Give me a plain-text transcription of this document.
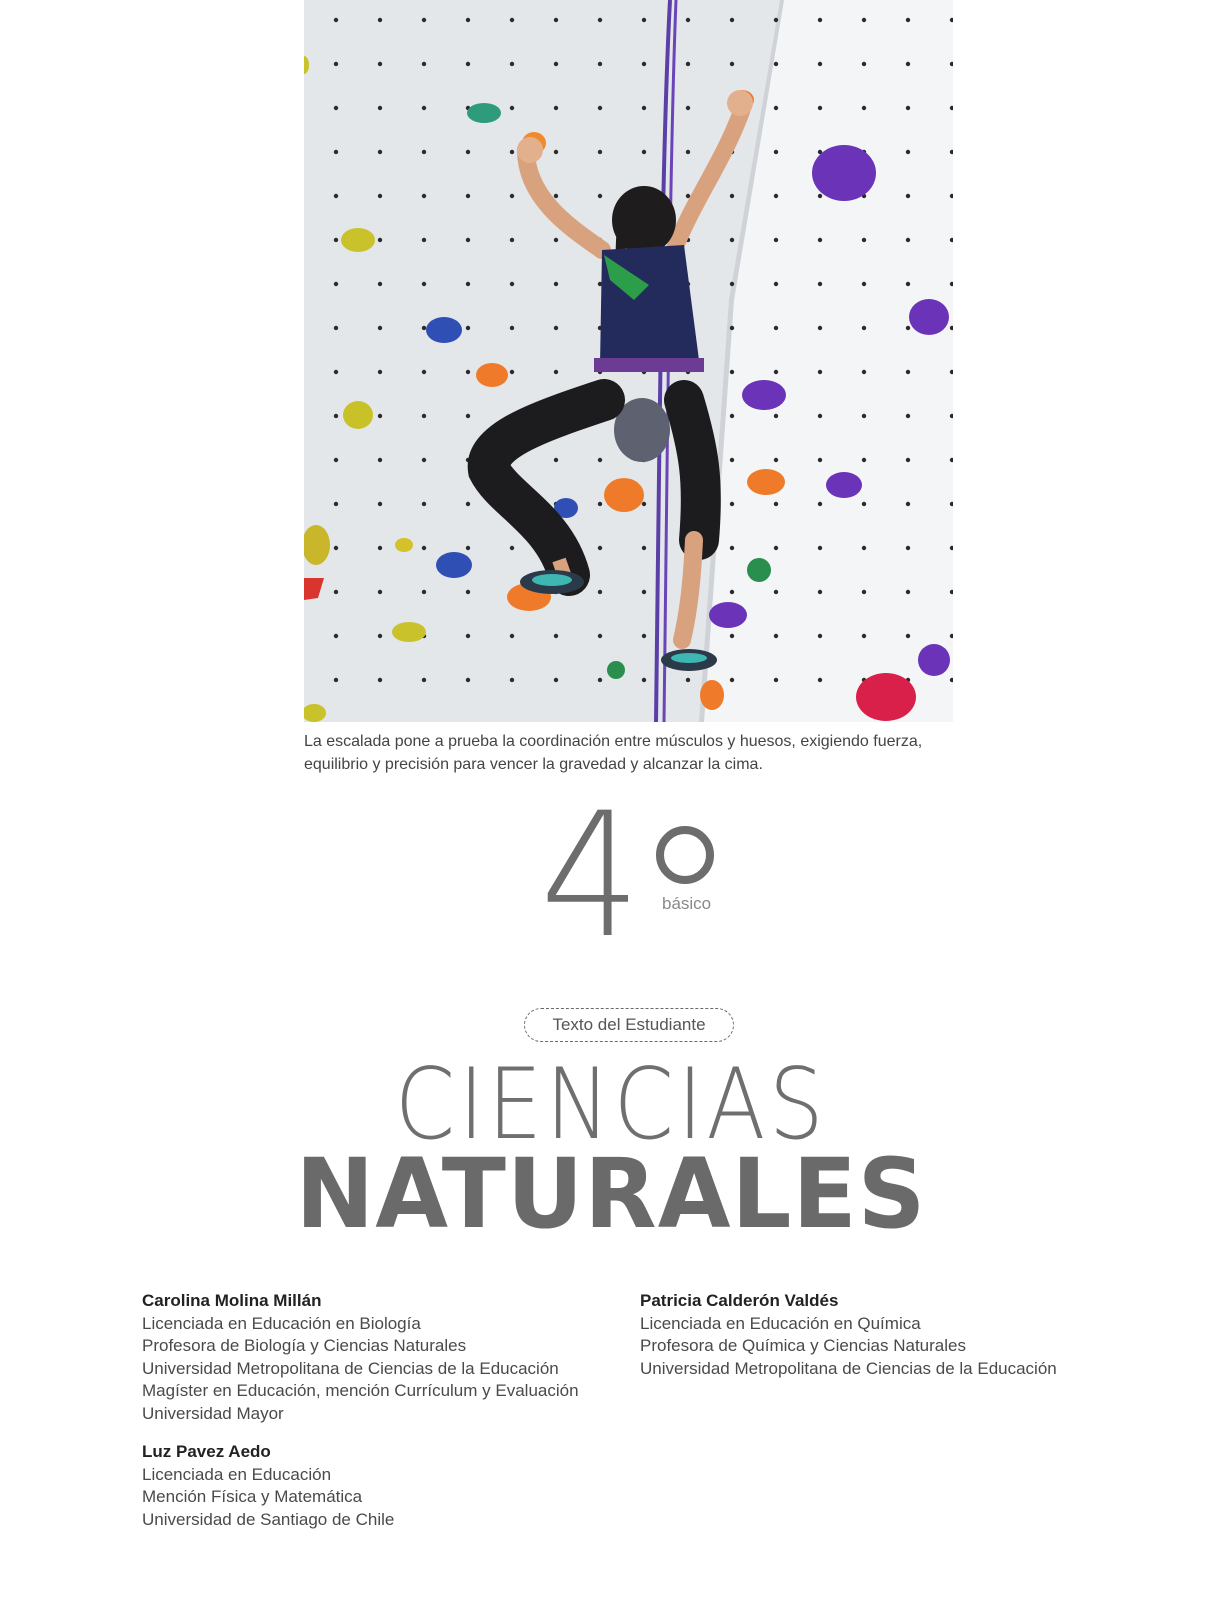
La escalada pone a prueba la coordinación entre músculos y huesos, exigiendo fuerza,
equilibrio y precisión para vencer la gravedad y alcanzar la cima.
4 básico
Texto del Estudiante
CIENCIAS
NATURALES
Carolina Molina Millán
Licenciada en Educación en Biología
Profesora de Biología y Ciencias Naturales
Universidad Metropolitana de Ciencias de la Educación
Magíster en Educación, mención Currículum y Evaluación
Universidad Mayor
Patricia Calderón Valdés
Licenciada en Educación en Química
Profesora de Química y Ciencias Naturales
Universidad Metropolitana de Ciencias de la Educación
Luz Pavez Aedo
Licenciada en Educación
Mención Física y Matemática
Universidad de Santiago de Chile
